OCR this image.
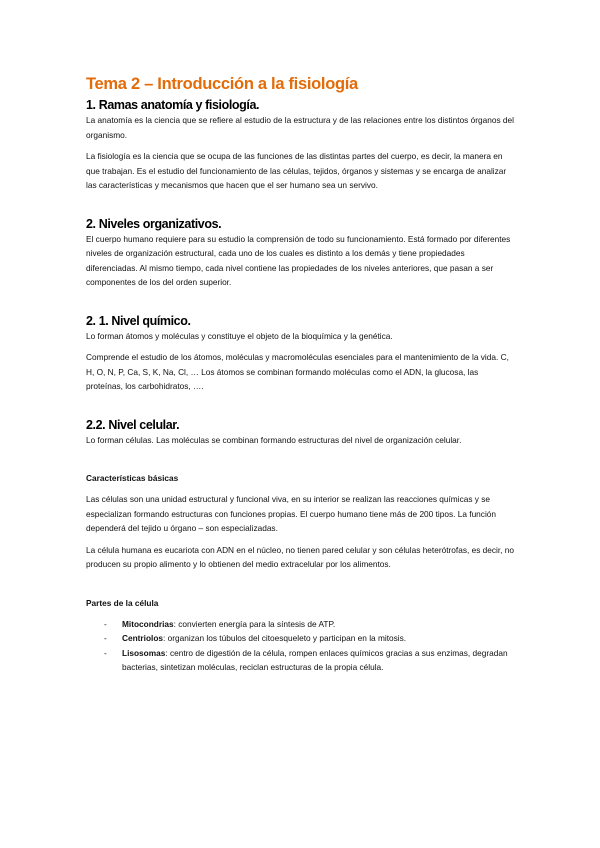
Tema 2 – Introducción a la fisiología
1. Ramas anatomía y fisiología.

La anatomía es la ciencia que se refiere al estudio de la estructura y de las relaciones entre los distintos órganos del organismo.

La fisiología es la ciencia que se ocupa de las funciones de las distintas partes del cuerpo, es decir, la manera en que trabajan. Es el estudio del funcionamiento de las células, tejidos, órganos y sistemas y se encarga de analizar las características y mecanismos que hacen que el ser humano sea un servivo.

2. Niveles organizativos.

El cuerpo humano requiere para su estudio la comprensión de todo su funcionamiento. Está formado por diferentes niveles de organización estructural, cada uno de los cuales es distinto a los demás y tiene propiedades diferenciadas. Al mismo tiempo, cada nivel contiene las propiedades de los niveles anteriores, que pasan a ser componentes de los del orden superior.

2. 1. Nivel químico.

Lo forman átomos y moléculas y constituye el objeto de la bioquímica y la genética.

Comprende el estudio de los átomos, moléculas y macromoléculas esenciales para el mantenimiento de la vida. C, H, O, N, P, Ca, S, K, Na, Cl, … Los átomos se combinan formando moléculas como el ADN, la glucosa, las proteínas, los carbohidratos, ….

2.2. Nivel celular.

Lo forman células. Las moléculas se combinan formando estructuras del nivel de organización celular.

Características básicas

Las células son una unidad estructural y funcional viva, en su interior se realizan las reacciones químicas y se especializan formando estructuras con funciones propias. El cuerpo humano tiene más de 200 tipos. La función dependerá del tejido u órgano – son especializadas.

La célula humana es eucariota con ADN en el núcleo, no tienen pared celular y son células heterótrofas, es decir, no producen su propio alimento y lo obtienen del medio extracelular por los alimentos.

Partes de la célula
- Mitocondrias: convierten energía para la síntesis de ATP.
- Centriolos: organizan los túbulos del citoesqueleto y participan en la mitosis.
- Lisosomas: centro de digestión de la célula, rompen enlaces químicos gracias a sus enzimas, degradan bacterias, sintetizan moléculas, reciclan estructuras de la propia célula.
